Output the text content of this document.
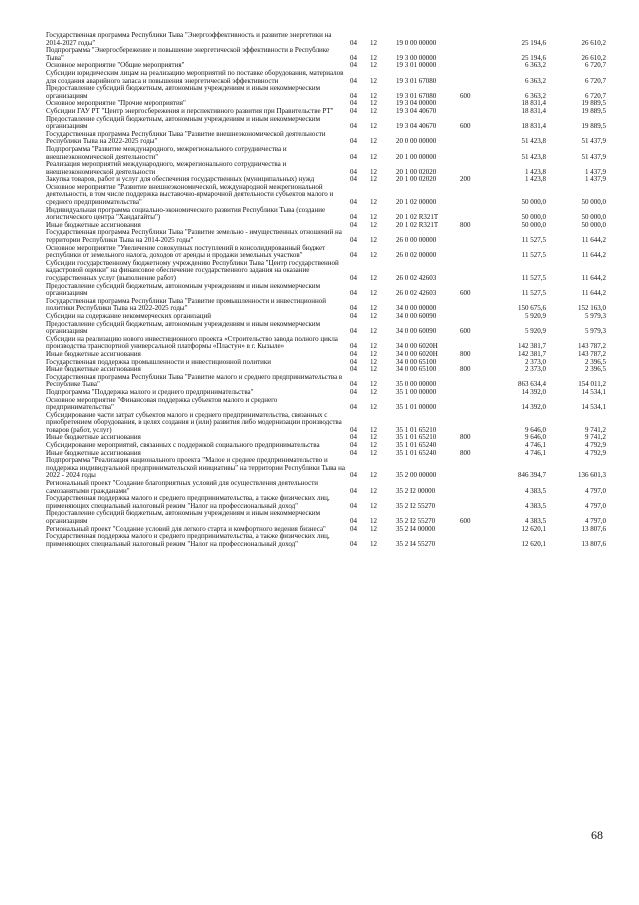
Государственная программа Республики Тыва "Энергоэффективность и развитие энергетики на 2014-2027 годы"	04	12	19 0 00 00000	25 194,6	26 610,2
Подпрограмма "Энергосбережение и повышение энергетической эффективности в Республике Тыва"	04	12	19 3 00 00000	25 194,6	26 610,2
Основное мероприятие "Общие мероприятия"	04	12	19 3 01 00000	6 363,2	6 720,7
Субсидии юридическим лицам на реализацию мероприятий по поставке оборудования, материалов для создания аварийного запаса и повышения энергетической эффективности	04	12	19 3 01 67080	6 363,2	6 720,7
Предоставление субсидий бюджетным, автономным учреждениям и иным некоммерческим организациям	04	12	19 3 01 67080	600	6 363,2	6 720,7
Основное мероприятие "Прочие мероприятия"	04	12	19 3 04 00000	18 831,4	19 889,5
Субсидии ГАУ РТ "Центр энергосбережения и перспективного развития при Правительстве РТ"	04	12	19 3 04 40670	18 831,4	19 889,5
Предоставление субсидий бюджетным, автономным учреждениям и иным некоммерческим организациям	04	12	19 3 04 40670	600	18 831,4	19 889,5
Государственная программа Республики Тыва "Развитие внешнеэкономической деятельности Республики Тыва на 2022-2025 годы"	04	12	20 0 00 00000	51 423,8	51 437,9
Подпрограмма "Развитие международного, межрегионального сотрудничества и внешнеэкономической деятельности"	04	12	20 1 00 00000	51 423,8	51 437,9
Реализация мероприятий международного, межрегионального сотрудничества и внешнеэкономической деятельности	04	12	20 1 00 02020	1 423,8	1 437,9
Закупка товаров, работ и услуг для обеспечения государственных (муниципальных) нужд	04	12	20 1 00 02020	200	1 423,8	1 437,9
Основное мероприятие "Развитие внешнеэкономической, международной межрегиональной деятельности, в том числе поддержка выставочно-ярмарочной деятельности субъектов малого и среднего предпринимательства"	04	12	20 1 02 00000	50 000,0	50 000,0
Индивидуальная программа социально-экономического развития Республики Тыва (создание логистического центра "Хандагайты")	04	12	20 1 02 R321T	50 000,0	50 000,0
Иные бюджетные ассигнования	04	12	20 1 02 R321T	800	50 000,0	50 000,0
Государственная программа Республики Тыва "Развитие земельно - имущественных отношений на территории Республики Тыва на 2014-2025 годы"	04	12	26 0 00 00000	11 527,5	11 644,2
Основное мероприятие "Увеличение совокупных поступлений в консолидированный бюджет республики от земельного налога, доходов от аренды и продажи земельных участков"	04	12	26 0 02 00000	11 527,5	11 644,2
Субсидии государственному бюджетному учреждению Республики Тыва "Центр государственной кадастровой оценки" на финансовое обеспечение государственного задания на оказание государственных услуг (выполнение работ)	04	12	26 0 02 42603	11 527,5	11 644,2
Предоставление субсидий бюджетным, автономным учреждениям и иным некоммерческим организациям	04	12	26 0 02 42603	600	11 527,5	11 644,2
Государственная программа Республики Тыва "Развитие промышленности и инвестиционной политики Республики Тыва на 2022-2025 годы"	04	12	34 0 00 00000	150 675,6	152 163,0
Субсидии на содержание некоммерческих организаций	04	12	34 0 00 60090	5 920,9	5 979,3
Предоставление субсидий бюджетным, автономным учреждениям и иным некоммерческим организациям	04	12	34 0 00 60090	600	5 920,9	5 979,3
Субсидии на реализацию нового инвестиционного проекта «Строительство завода полного цикла производства транспортной универсальной платформы «Пластун» в г. Кызыле»	04	12	34 0 00 6020H	142 381,7	143 787,2
Иные бюджетные ассигнования	04	12	34 0 00 6020H	800	142 381,7	143 787,2
Государственная поддержка промышленности и инвестиционной политики	04	12	34 0 00 65100	2 373,0	2 396,5
Иные бюджетные ассигнования	04	12	34 0 00 65100	800	2 373,0	2 396,5
Государственная программа Республики Тыва "Развитие малого и среднего предпринимательства в Республике Тыва"	04	12	35 0 00 00000	863 634,4	154 011,2
Подпрограмма "Поддержка малого и среднего предпринимательства"	04	12	35 1 00 00000	14 392,0	14 534,1
Основное мероприятие "Финансовая поддержка субъектов малого и среднего предпринимательства"	04	12	35 1 01 00000	14 392,0	14 534,1
Субсидирование части затрат субъектов малого и среднего предпринимательства, связанных с приобретением оборудования, в целях создания и (или) развития либо модернизации производства товаров (работ, услуг)	04	12	35 1 01 65210	9 646,0	9 741,2
Иные бюджетные ассигнования	04	12	35 1 01 65210	800	9 646,0	9 741,2
Субсидирование мероприятий, связанных с поддержкой социального предпринимательства	04	12	35 1 01 65240	4 746,1	4 792,9
Иные бюджетные ассигнования	04	12	35 1 01 65240	800	4 746,1	4 792,9
Подпрограмма "Реализация национального проекта "Малое и среднее предпринимательство и поддержка индивидуальной предпринимательской инициативы" на территории Республики Тыва на 2022 - 2024 годы	04	12	35 2 00 00000	846 394,7	136 601,3
Региональный проект "Создание благоприятных условий для осуществления деятельности самозанятыми гражданами"	04	12	35 2 I2 00000	4 383,5	4 797,0
Государственная поддержка малого и среднего предпринимательства, а также физических лиц, применяющих специальный налоговый режим "Налог на профессиональный доход"	04	12	35 2 I2 55270	4 383,5	4 797,0
Предоставление субсидий бюджетным, автономным учреждениям и иным некоммерческим организациям	04	12	35 2 I2 55270	600	4 383,5	4 797,0
Региональный проект "Создание условий для легкого старта и комфортного ведения бизнеса"	04	12	35 2 I4 00000	12 620,1	13 807,6
Государственная поддержка малого и среднего предпринимательства, а также физических лиц, применяющих специальный налоговый режим "Налог на профессиональный доход"	04	12	35 2 I4 55270	12 620,1	13 807,6
68
